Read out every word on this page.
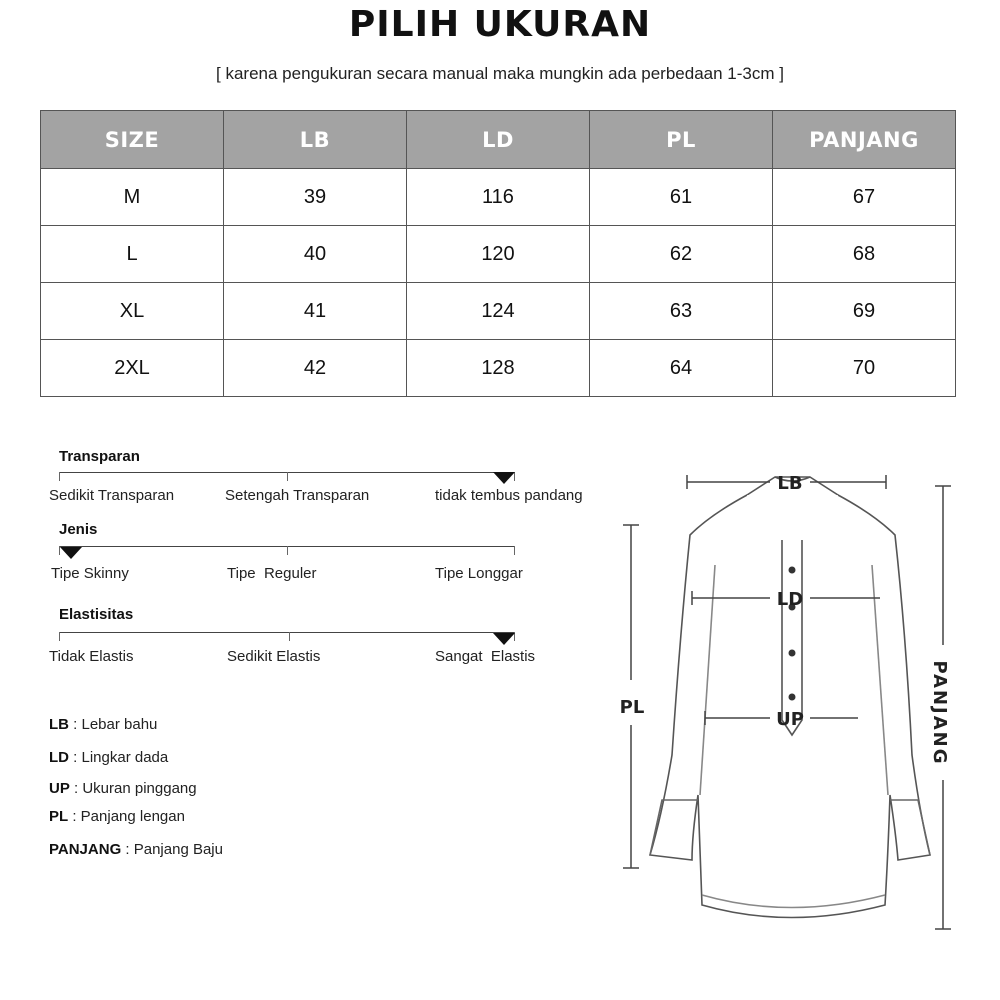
PILIH UKURAN
[ karena pengukuran secara manual maka mungkin ada perbedaan 1-3cm ]
SIZE	LB	LD	PL	PANJANG
M	39	116	61	67
L	40	120	62	68
XL	41	124	63	69
2XL	42	128	64	70
Transparan
Sedikit Transparan	Setengah Transparan	tidak tembus pandang
Jenis
Tipe Skinny	Tipe  Reguler	Tipe Longgar
Elastisitas
Tidak Elastis	Sedikit Elastis	Sangat  Elastis
LB : Lebar bahu
LD : Lingkar dada
UP : Ukuran pinggang
PL : Panjang lengan
PANJANG : Panjang Baju
LB
LD
UP
PL	PANJANG
